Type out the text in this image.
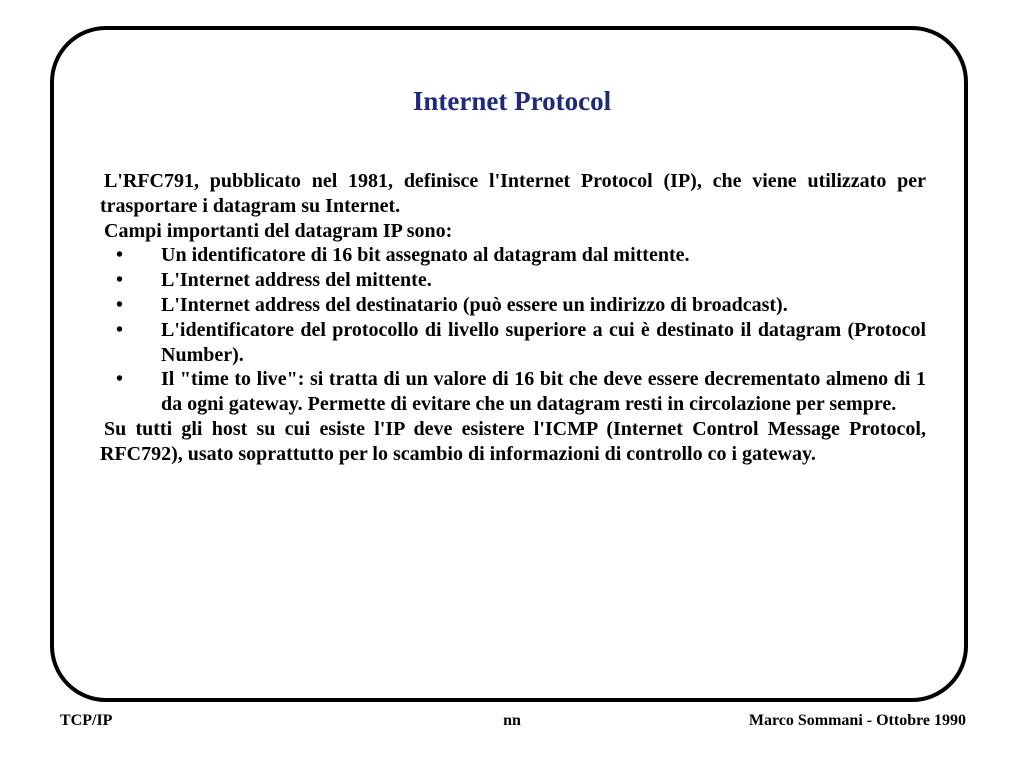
Internet Protocol

L'RFC791, pubblicato nel 1981, definisce l'Internet Protocol (IP), che viene utilizzato per trasportare i datagram su Internet.

Campi importanti del datagram IP sono:

• Un identificatore di 16 bit assegnato al datagram dal mittente.
• L'Internet address del mittente.
• L'Internet address del destinatario (può essere un indirizzo di broadcast).
• L'identificatore del protocollo di livello superiore a cui è destinato il datagram (Protocol Number).
• Il "time to live": si tratta di un valore di 16 bit che deve essere decrementato almeno di 1 da ogni gateway. Permette di evitare che un datagram resti in circolazione per sempre.

Su tutti gli host su cui esiste l'IP deve esistere l'ICMP (Internet Control Message Protocol, RFC792), usato soprattutto per lo scambio di informazioni di controllo co i gateway.

TCP/IP	nn	Marco Sommani - Ottobre 1990
